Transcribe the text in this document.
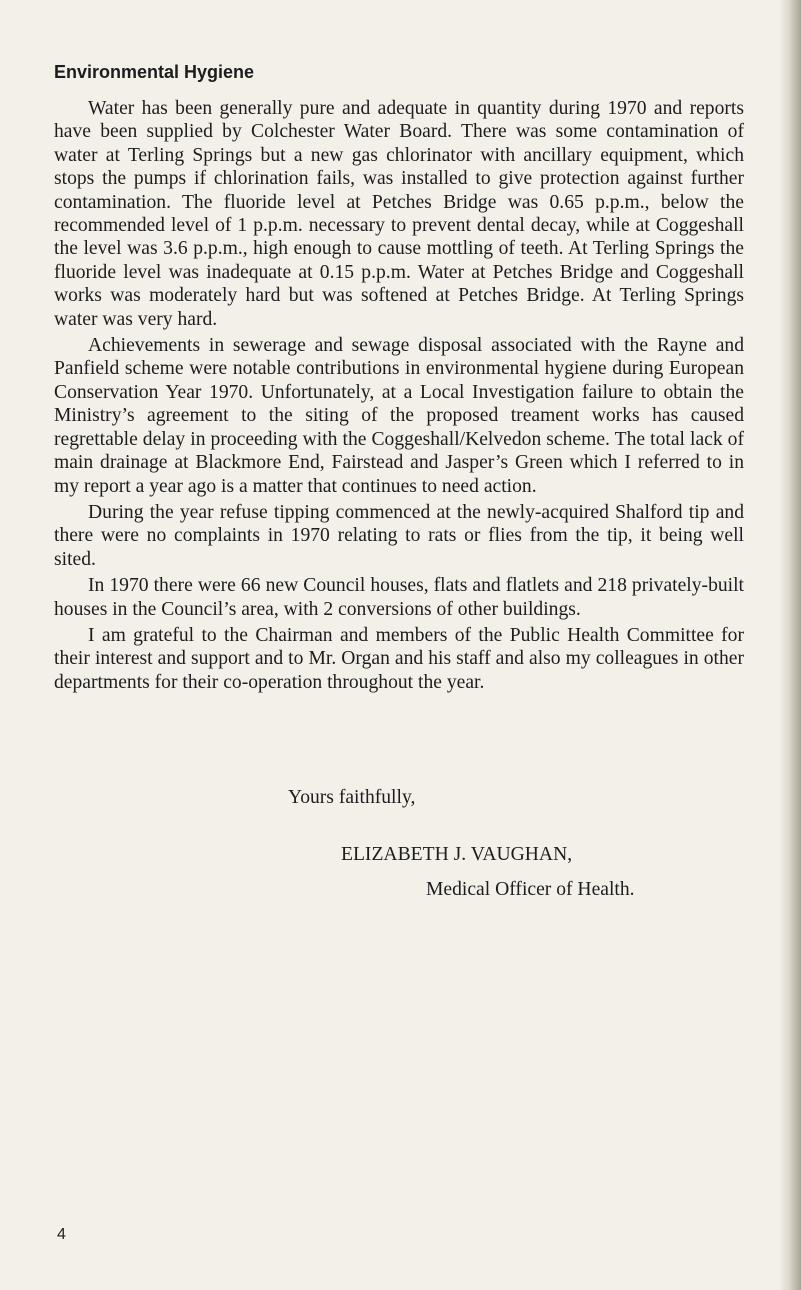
Environmental Hygiene

Water has been generally pure and adequate in quantity during 1970 and reports have been supplied by Colchester Water Board. There was some contamination of water at Terling Springs but a new gas chlorinator with ancillary equipment, which stops the pumps if chlorination fails, was installed to give protection against further contamination. The fluoride level at Petches Bridge was 0.65 p.p.m., below the recommended level of 1 p.p.m. necessary to prevent dental decay, while at Coggeshall the level was 3.6 p.p.m., high enough to cause mottling of teeth. At Terling Springs the fluoride level was inadequate at 0.15 p.p.m. Water at Petches Bridge and Coggeshall works was moderately hard but was softened at Petches Bridge. At Terling Springs water was very hard.

Achievements in sewerage and sewage disposal associated with the Rayne and Panfield scheme were notable contributions in environmental hygiene during European Conservation Year 1970. Unfortunately, at a Local Investigation failure to obtain the Ministry’s agreement to the siting of the proposed treament works has caused regrettable delay in proceeding with the Coggeshall/Kelvedon scheme. The total lack of main drainage at Blackmore End, Fairstead and Jasper’s Green which I referred to in my report a year ago is a matter that continues to need action.

During the year refuse tipping commenced at the newly-acquired Shalford tip and there were no complaints in 1970 relating to rats or flies from the tip, it being well sited.

In 1970 there were 66 new Council houses, flats and flatlets and 218 privately-built houses in the Council’s area, with 2 conversions of other buildings.

I am grateful to the Chairman and members of the Public Health Committee for their interest and support and to Mr. Organ and his staff and also my colleagues in other departments for their co-operation throughout the year.

Yours faithfully,
ELIZABETH J. VAUGHAN,
Medical Officer of Health.
4
